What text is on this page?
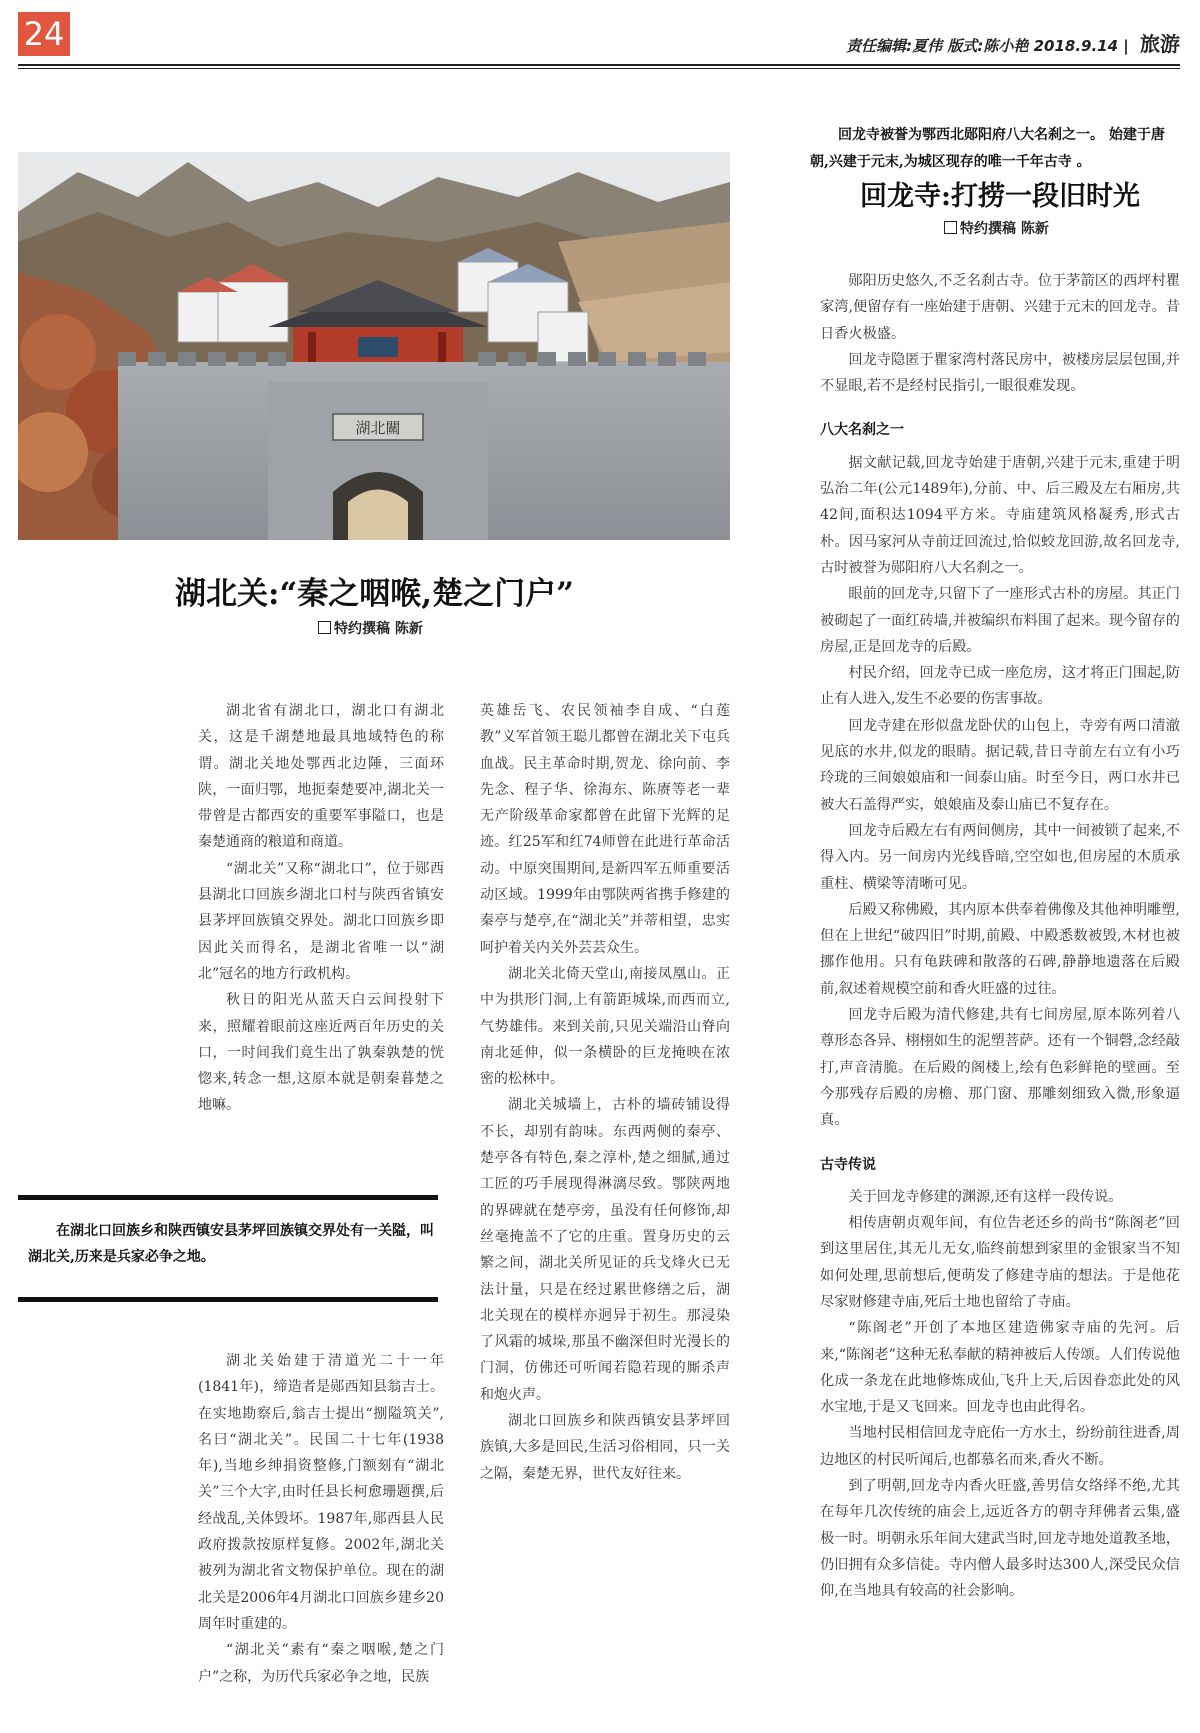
24	责任编辑:夏伟 版式:陈小艳 2018.9.14 | 旅游
湖北關
湖北关:“秦之咽喉,楚之门户”
特约撰稿 陈新

湖北省有湖北口，湖北口有湖北关，这是千湖楚地最具地域特色的称谓。湖北关地处鄂西北边陲，三面环陕，一面归鄂，地扼秦楚要冲,湖北关一带曾是古都西安的重要军事隘口，也是秦楚通商的粮道和商道。

“湖北关”又称“湖北口”，位于郧西县湖北口回族乡湖北口村与陕西省镇安县茅坪回族镇交界处。湖北口回族乡即因此关而得名，是湖北省唯一以“湖北”冠名的地方行政机构。

秋日的阳光从蓝天白云间投射下来，照耀着眼前这座近两百年历史的关口，一时间我们竟生出了孰秦孰楚的恍惚来,转念一想,这原本就是朝秦暮楚之地嘛。

在湖北口回族乡和陕西镇安县茅坪回族镇交界处有一关隘，叫湖北关,历来是兵家必争之地。

湖北关始建于清道光二十一年(1841年)，缔造者是郧西知县翁吉士。在实地勘察后,翁吉士提出“捌隘筑关”,名曰“湖北关”。民国二十七年(1938年),当地乡绅捐资整修,门额刻有“湖北关”三个大字,由时任县长柯愈珊题撰,后经战乱,关体毁坏。1987年,郧西县人民政府拨款按原样复修。2002年,湖北关被列为湖北省文物保护单位。现在的湖北关是2006年4月湖北口回族乡建乡20周年时重建的。

“湖北关”素有“秦之咽喉,楚之门户”之称，为历代兵家必争之地，民族

英雄岳飞、农民领袖李自成、“白莲教”义军首领王聪儿都曾在湖北关下屯兵血战。民主革命时期,贺龙、徐向前、李先念、程子华、徐海东、陈赓等老一辈无产阶级革命家都曾在此留下光辉的足迹。红25军和红74师曾在此进行革命活动。中原突围期间,是新四军五师重要活动区域。1999年由鄂陕两省携手修建的秦亭与楚亭,在“湖北关”并蒂相望，忠实呵护着关内关外芸芸众生。

湖北关北倚天堂山,南接凤凰山。正中为拱形门洞,上有箭距城垛,而西而立,气势雄伟。来到关前,只见关端沿山脊向南北延伸，似一条横卧的巨龙掩映在浓密的松林中。

湖北关城墙上，古朴的墙砖铺设得不长，却别有韵味。东西两侧的秦亭、楚亭各有特色,秦之淳朴,楚之细腻,通过工匠的巧手展现得淋漓尽致。鄂陕两地的界碑就在楚亭旁，虽没有任何修饰,却丝毫掩盖不了它的庄重。置身历史的云繁之间，湖北关所见证的兵戈烽火已无法计量，只是在经过累世修缮之后，湖北关现在的模样亦迥异于初生。那浸染了风霜的城垛,那虽不幽深但时光漫长的门洞，仿佛还可听闻若隐若现的厮杀声和炮火声。

湖北口回族乡和陕西镇安县茅坪回族镇,大多是回民,生活习俗相同，只一关之隔，秦楚无界，世代友好往来。

回龙寺被誉为鄂西北郧阳府八大名刹之一。 始建于唐朝,兴建于元末,为城区现存的唯一千年古寺 。
回龙寺:打捞一段旧时光
特约撰稿 陈新

郧阳历史悠久,不乏名刹古寺。位于茅箭区的西坪村瞿家湾,便留存有一座始建于唐朝、兴建于元末的回龙寺。昔日香火极盛。

回龙寺隐匿于瞿家湾村落民房中，被楼房层层包围,并不显眼,若不是经村民指引,一眼很难发现。

八大名刹之一

据文献记载,回龙寺始建于唐朝,兴建于元末,重建于明弘治二年(公元1489年),分前、中、后三殿及左右厢房,共42间,面积达1094平方米。寺庙建筑风格凝秀,形式古朴。因马家河从寺前迂回流过,恰似蛟龙回游,故名回龙寺,古时被誉为郧阳府八大名刹之一。

眼前的回龙寺,只留下了一座形式古朴的房屋。其正门被砌起了一面红砖墙,并被编织布料围了起来。现今留存的房屋,正是回龙寺的后殿。

村民介绍，回龙寺已成一座危房，这才将正门围起,防止有人进入,发生不必要的伤害事故。

回龙寺建在形似盘龙卧伏的山包上，寺旁有两口清澈见底的水井,似龙的眼睛。据记载,昔日寺前左右立有小巧玲珑的三间娘娘庙和一间泰山庙。时至今日，两口水井已被大石盖得严实，娘娘庙及泰山庙已不复存在。

回龙寺后殿左右有两间侧房，其中一间被锁了起来,不得入内。另一间房内光线昏暗,空空如也,但房屋的木质承重柱、横梁等清晰可见。

后殿又称佛殿，其内原本供奉着佛像及其他神明雕塑,但在上世纪“破四旧”时期,前殿、中殿悉数被毁,木材也被挪作他用。只有龟趺碑和散落的石碑,静静地遗落在后殿前,叙述着规模空前和香火旺盛的过往。

回龙寺后殿为清代修建,共有七间房屋,原本陈列着八尊形态各异、栩栩如生的泥塑菩萨。还有一个铜磬,念经敲打,声音清脆。在后殿的阁楼上,绘有色彩鲜艳的壁画。至今那残存后殿的房檐、那门窗、那雕刻细致入微,形象逼真。

古寺传说

关于回龙寺修建的渊源,还有这样一段传说。

相传唐朝贞观年间，有位告老还乡的尚书“陈阁老”回到这里居住,其无儿无女,临终前想到家里的金银家当不知如何处理,思前想后,便萌发了修建寺庙的想法。于是他花尽家财修建寺庙,死后土地也留给了寺庙。

“陈阁老”开创了本地区建造佛家寺庙的先河。后来,“陈阁老”这种无私奉献的精神被后人传颂。人们传说他化成一条龙在此地修炼成仙,飞升上天,后因眷恋此处的风水宝地,于是又飞回来。回龙寺也由此得名。

当地村民相信回龙寺庇佑一方水土，纷纷前往进香,周边地区的村民听闻后,也都慕名而来,香火不断。

到了明朝,回龙寺内香火旺盛,善男信女络绎不绝,尤其在每年几次传统的庙会上,远近各方的朝寺拜佛者云集,盛极一时。明朝永乐年间大建武当时,回龙寺地处道教圣地，仍旧拥有众多信徒。寺内僧人最多时达300人,深受民众信仰,在当地具有较高的社会影响。
